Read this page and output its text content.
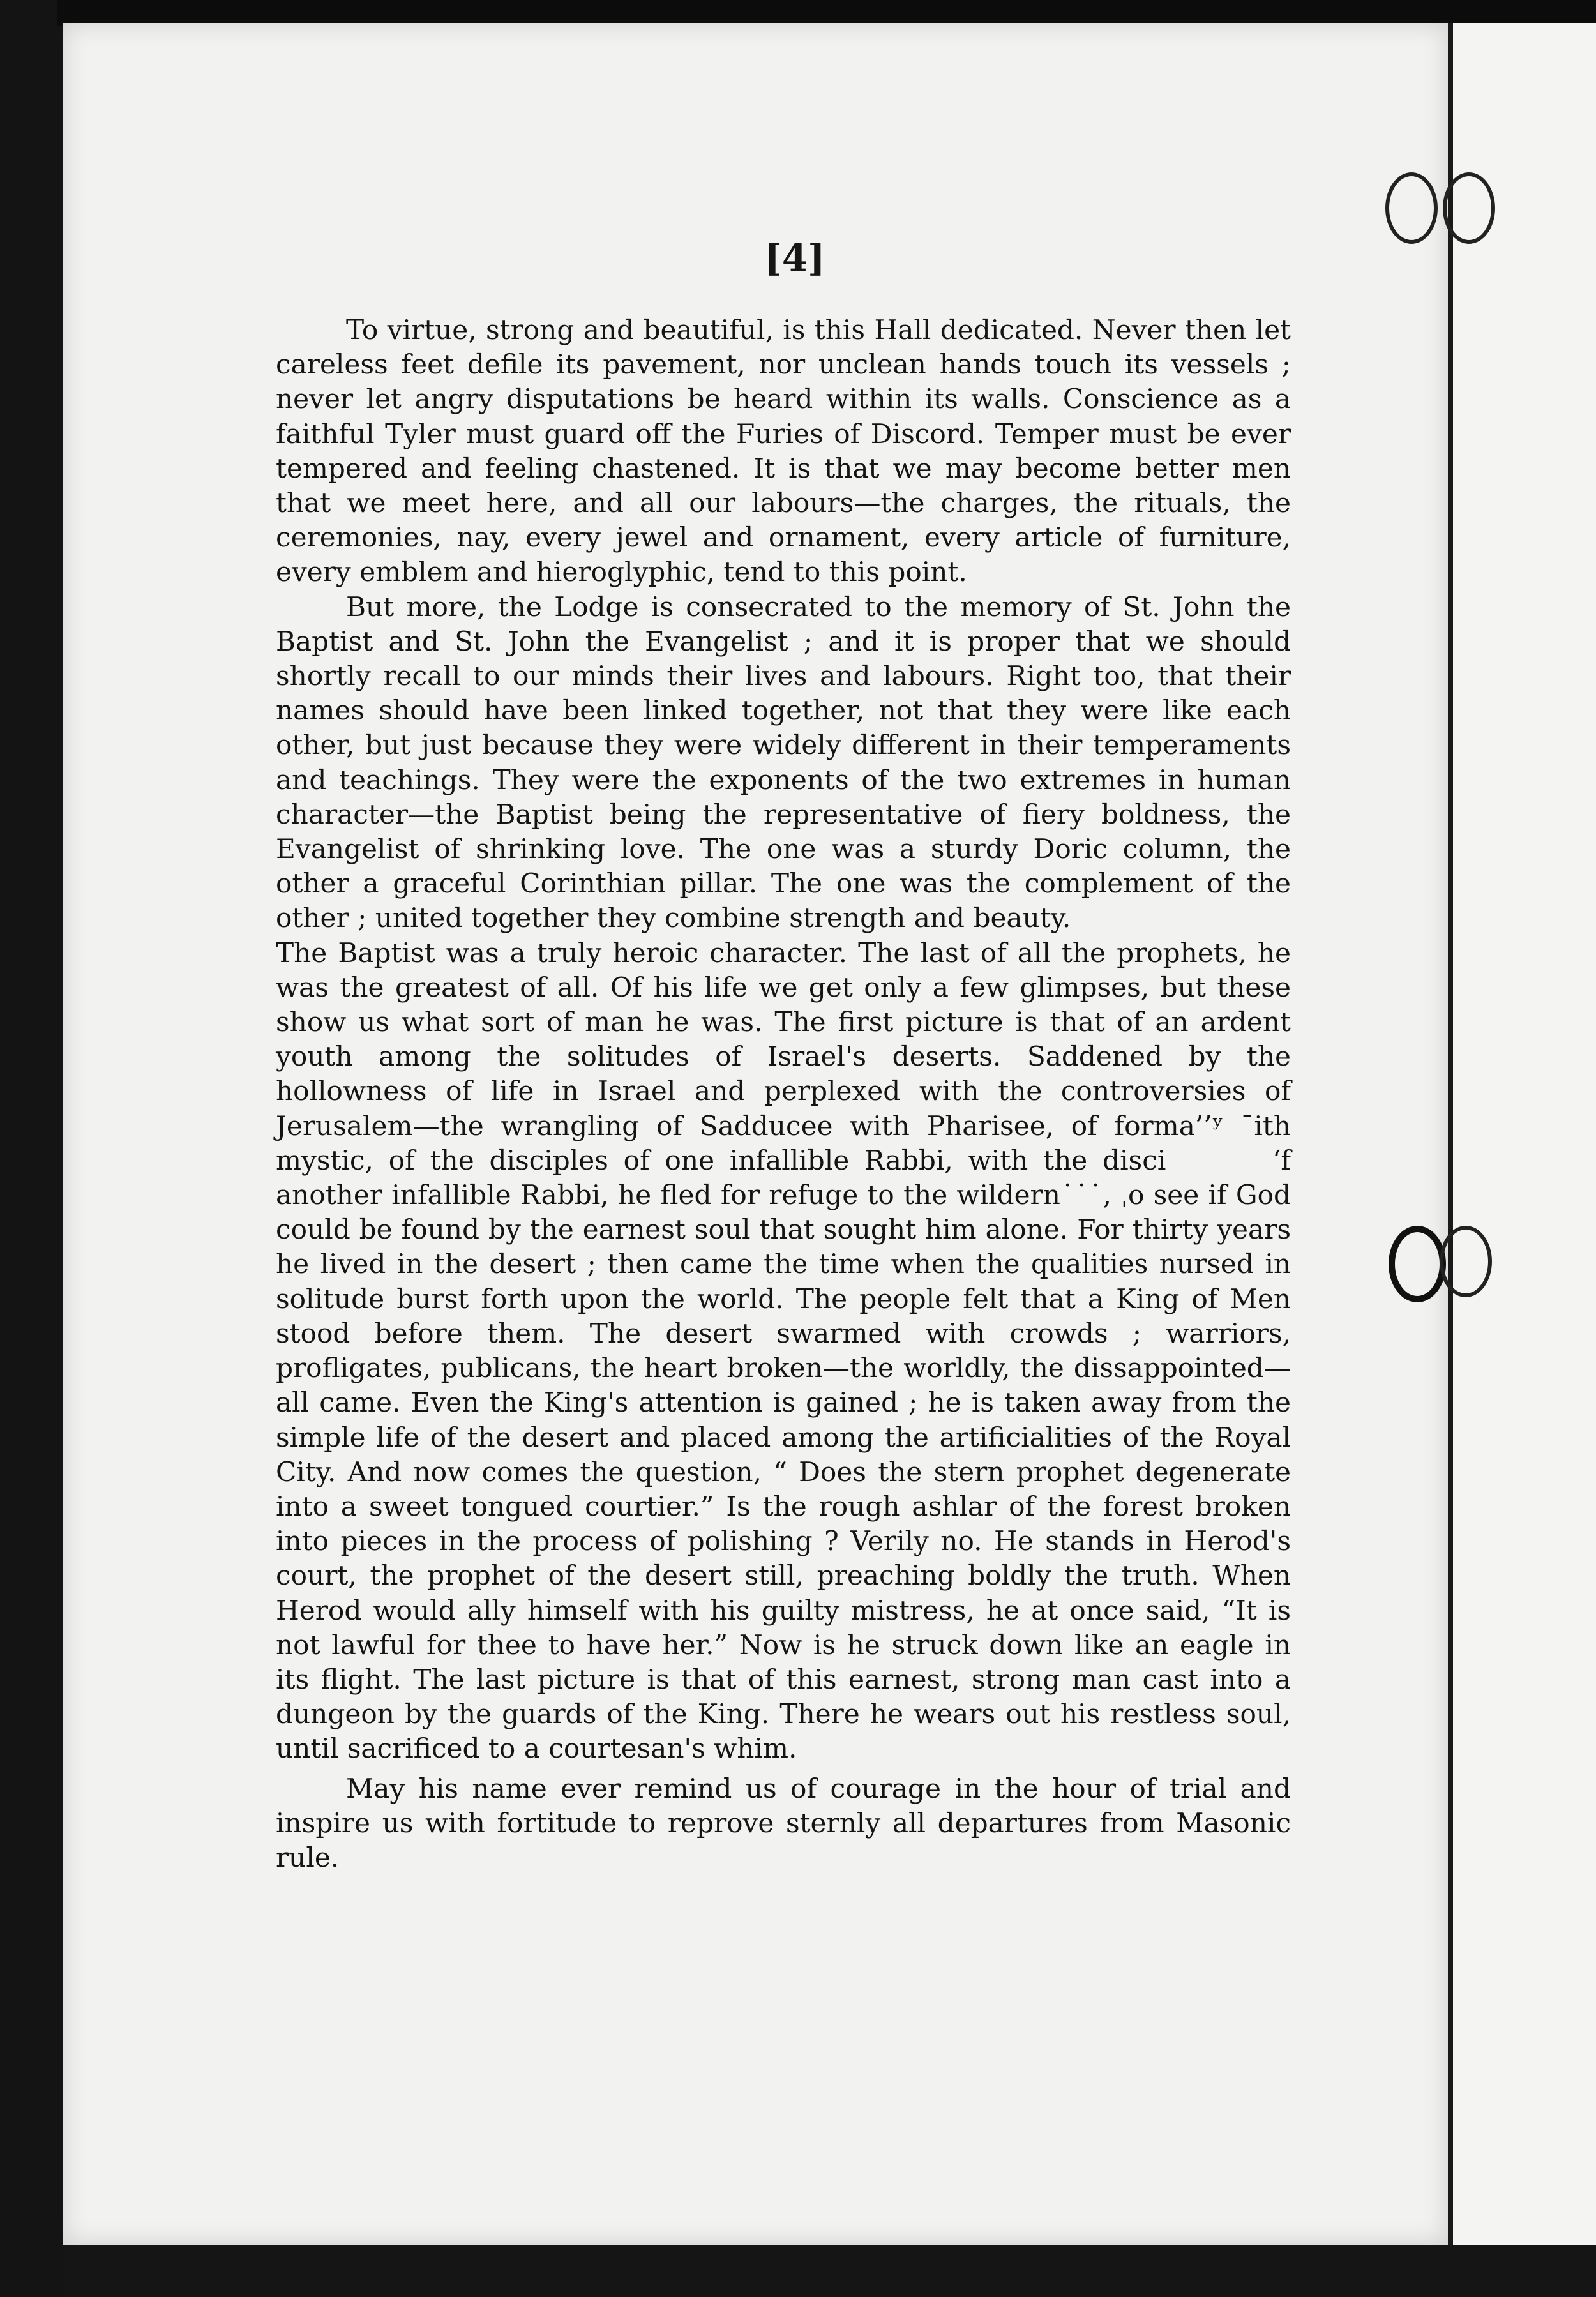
[4]

To virtue, strong and beautiful, is this Hall dedicated. Never then let careless feet defile its pavement, nor unclean hands touch its vessels ; never let angry disputations be heard within its walls. Conscience as a faithful Tyler must guard off the Furies of Discord. Temper must be ever tempered and feeling chastened. It is that we may become better men that we meet here, and all our labours—the charges, the rituals, the ceremonies, nay, every jewel and ornament, every article of furniture, every emblem and hieroglyphic, tend to this point.

But more, the Lodge is consecrated to the memory of St. John the Baptist and St. John the Evangelist ; and it is proper that we should shortly recall to our minds their lives and labours. Right too, that their names should have been linked together, not that they were like each other, but just because they were widely different in their temperaments and teachings. They were the exponents of the two extremes in human character—the Baptist being the representative of fiery boldness, the Evangelist of shrinking love. The one was a sturdy Doric column, the other a graceful Corinthian pillar. The one was the complement of the other ; united together they combine strength and beauty.

The Baptist was a truly heroic character. The last of all the prophets, he was the greatest of all. Of his life we get only a few glimpses, but these show us what sort of man he was. The first picture is that of an ardent youth among the solitudes of Israel's deserts. Saddened by the hollowness of life in Israel and perplexed with the controversies of Jerusalem—the wrangling of Sadducee with Pharisee, of forma’’ʸ ˉith mystic, of the disciples of one infallible Rabbi, with the disci       ʻf another infallible Rabbi, he fled for refuge to the wildern˙˙˙, ˌo see if God could be found by the earnest soul that sought him alone. For thirty years he lived in the desert ; then came the time when the qualities nursed in solitude burst forth upon the world. The people felt that a King of Men stood before them. The desert swarmed with crowds ; warriors, profligates, publicans, the heart broken—the worldly, the dissappointed—all came. Even the King's attention is gained ; he is taken away from the simple life of the desert and placed among the artificialities of the Royal City. And now comes the question, “ Does the stern prophet degenerate into a sweet tongued courtier.” Is the rough ashlar of the forest broken into pieces in the process of polishing ? Verily no. He stands in Herod's court, the prophet of the desert still, preaching boldly the truth. When Herod would ally himself with his guilty mistress, he at once said, “It is not lawful for thee to have her.” Now is he struck down like an eagle in its flight. The last picture is that of this earnest, strong man cast into a dungeon by the guards of the King. There he wears out his restless soul, until sacrificed to a courtesan's whim.

May his name ever remind us of courage in the hour of trial and inspire us with fortitude to reprove sternly all departures from Masonic rule.
